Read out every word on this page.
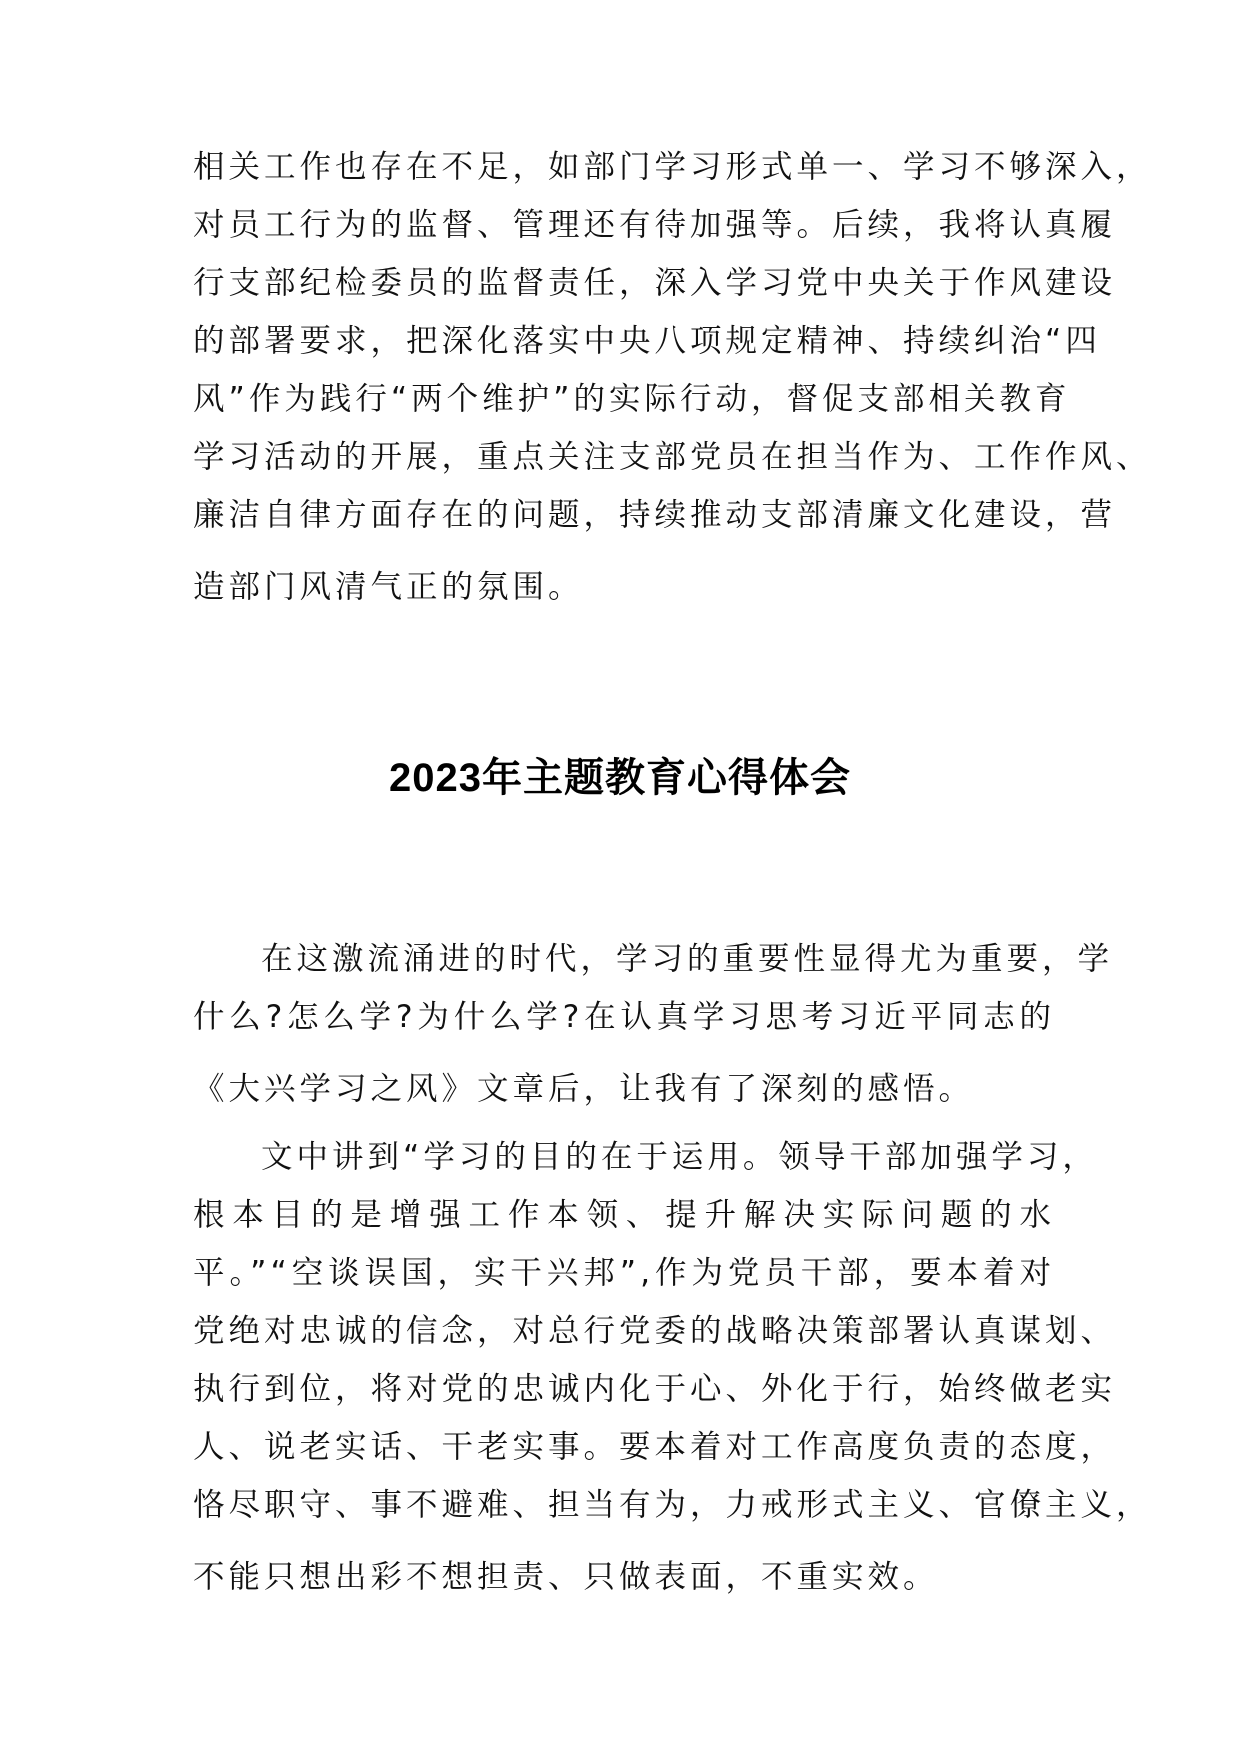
相关工作也存在不足，如部门学习形式单一、学习不够深入，
对员工行为的监督、管理还有待加强等。后续，我将认真履
行支部纪检委员的监督责任，深入学习党中央关于作风建设
的部署要求，把深化落实中央八项规定精神、持续纠治“四
风”作为践行“两个维护”的实际行动，督促支部相关教育
学习活动的开展，重点关注支部党员在担当作为、工作作风、
廉洁自律方面存在的问题，持续推动支部清廉文化建设，营
造部门风清气正的氛围。
2023年主题教育心得体会
在这激流涌进的时代，学习的重要性显得尤为重要，学
什么?怎么学?为什么学?在认真学习思考习近平同志的
《大兴学习之风》文章后，让我有了深刻的感悟。
文中讲到“学习的目的在于运用。领导干部加强学习，
根本目的是增强工作本领、提升解决实际问题的水
平。”“空谈误国，实干兴邦”,作为党员干部，要本着对
党绝对忠诚的信念，对总行党委的战略决策部署认真谋划、
执行到位，将对党的忠诚内化于心、外化于行，始终做老实
人、说老实话、干老实事。要本着对工作高度负责的态度，
恪尽职守、事不避难、担当有为，力戒形式主义、官僚主义，
不能只想出彩不想担责、只做表面，不重实效。
